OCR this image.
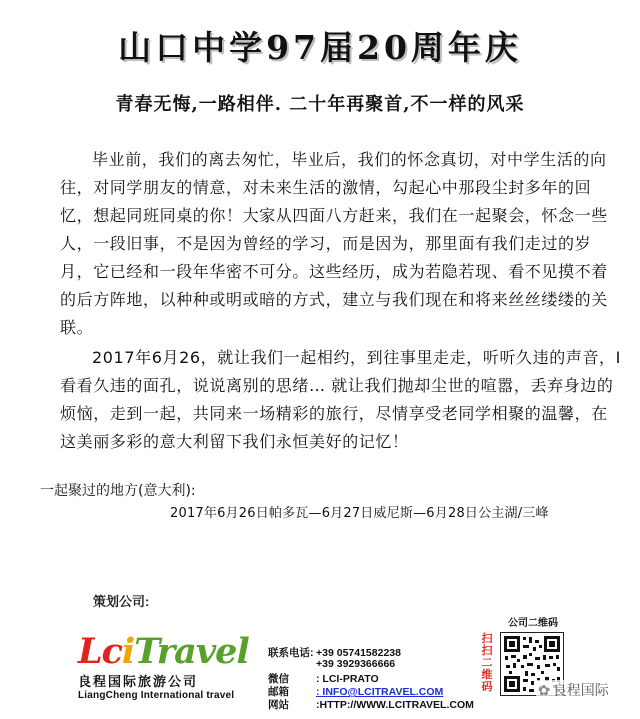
山口中学97届20周年庆
青春无悔,一路相伴. 二十年再聚首,不一样的风采

毕业前，我们的离去匆忙，毕业后，我们的怀念真切，对中学生活的向往，对同学朋友的情意，对未来生活的激情，勾起心中那段尘封多年的回忆，想起同班同桌的你！大家从四面八方赶来，我们在一起聚会，怀念一些人，一段旧事，不是因为曾经的学习，而是因为，那里面有我们走过的岁月，它已经和一段年华密不可分。这些经历，成为若隐若现、看不见摸不着的后方阵地，以种种或明或暗的方式，建立与我们现在和将来丝丝缕缕的关联。

2017年6月26，就让我们一起相约，到往事里走走，听听久违的声音，I看看久违的面孔，说说离别的思绪… 就让我们抛却尘世的喧嚣，丢弃身边的烦恼，走到一起，共同来一场精彩的旅行，尽情享受老同学相聚的温馨，在这美丽多彩的意大利留下我们永恒美好的记忆！

一起聚过的地方(意大利):
2017年6月26日帕多瓦—6月27日威尼斯—6月28日公主湖/三峰
策划公司:
LciTravel
良程国际旅游公司
LiangCheng International travel
联系电话: +39 05741582238
+39 3929366666
微信	: LCI-PRATO
邮箱	: INFO@LCITRAVEL.COM
网站	:HTTP://WWW.LCITRAVEL.COM
公司二维码
扫扫二维码	✿ 良程国际
